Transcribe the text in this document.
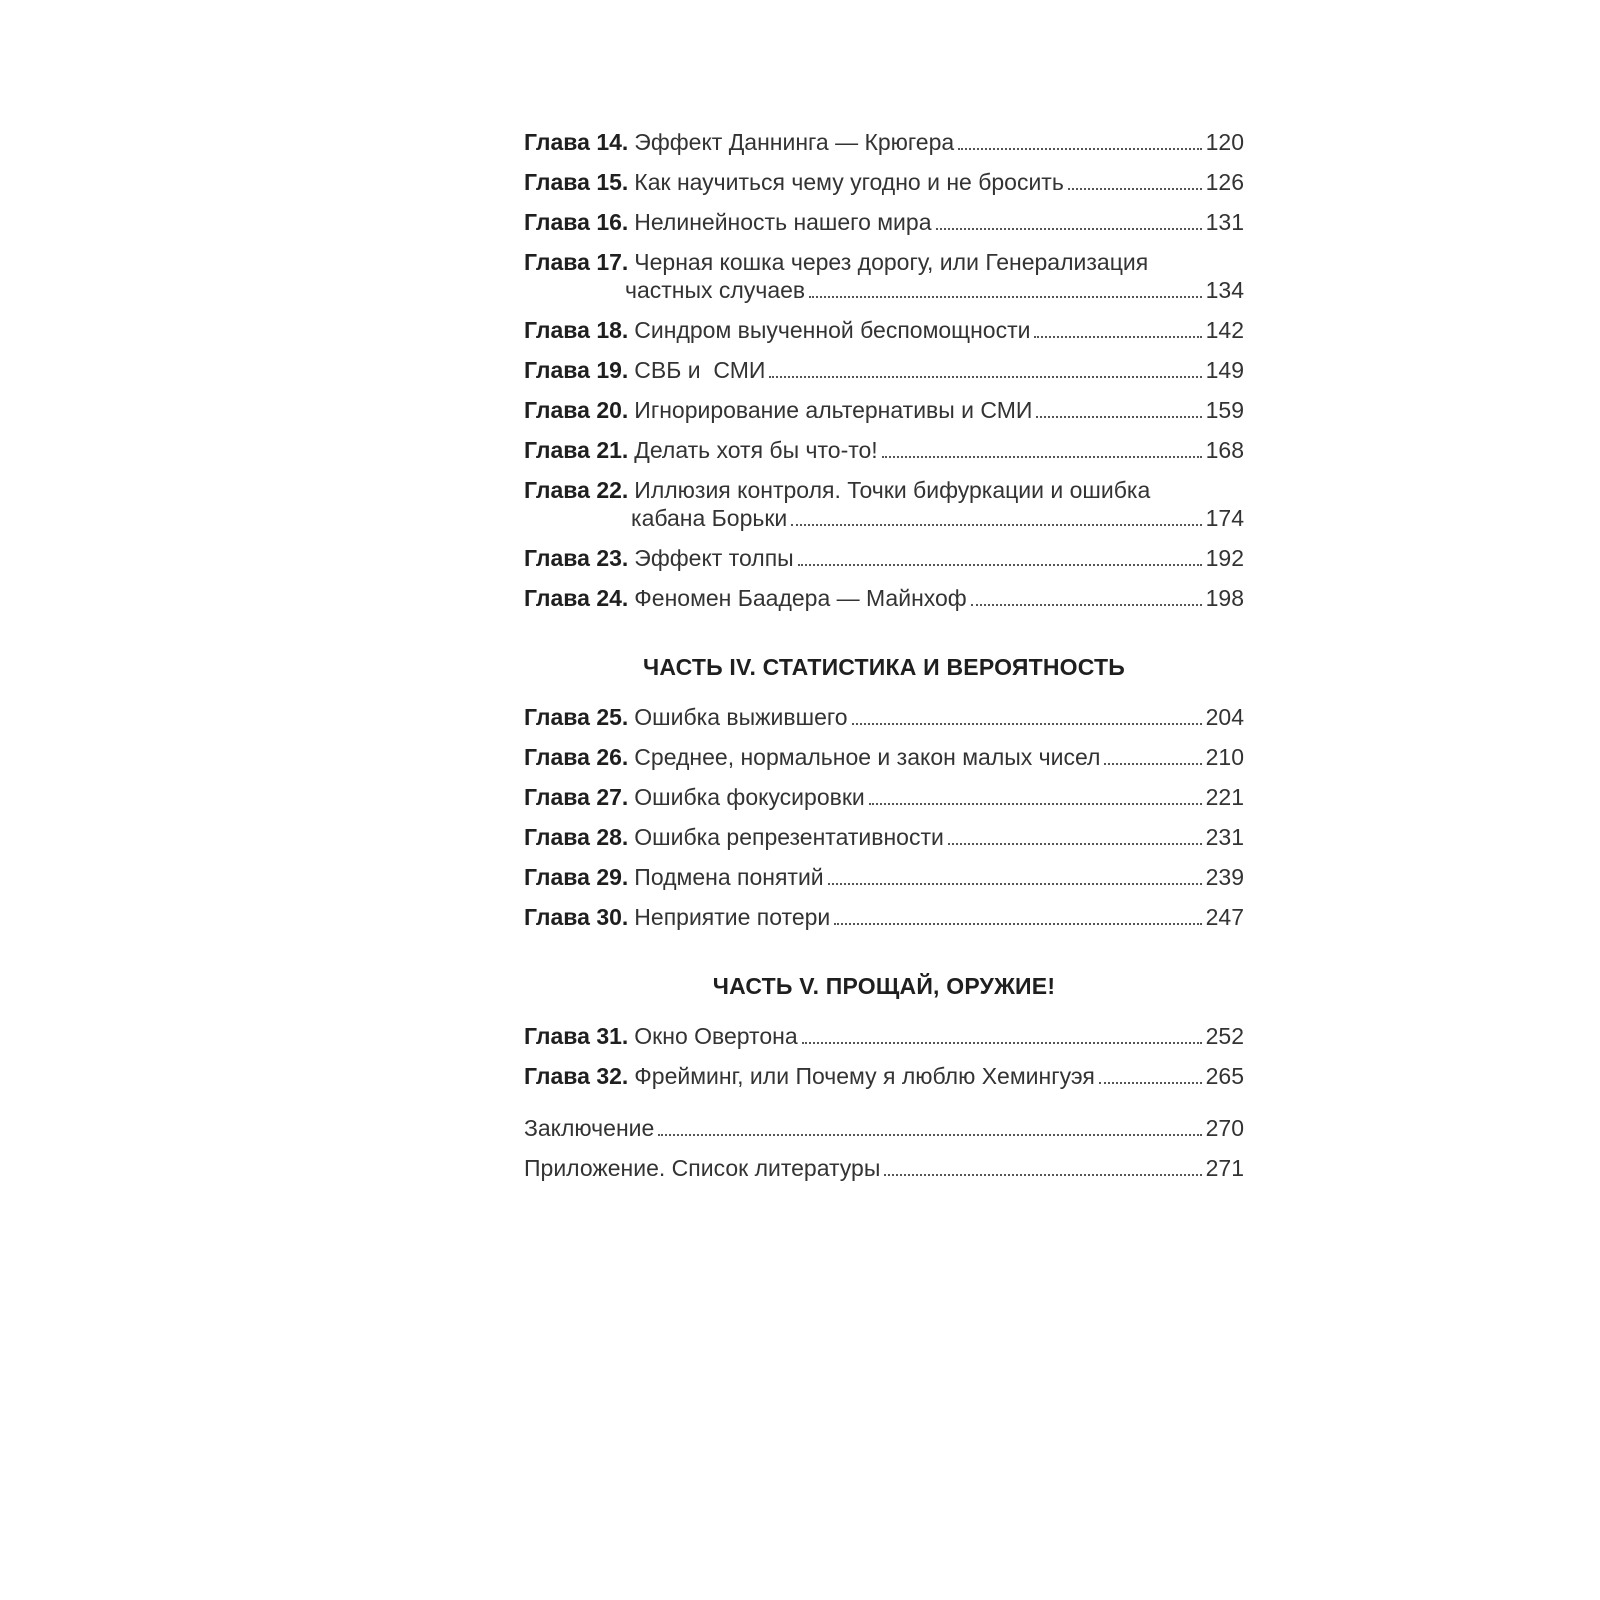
Глава 14. Эффект Даннинга — Крюгера	120
Глава 15. Как научиться чему угодно и не бросить	126
Глава 16. Нелинейность нашего мира	131
Глава 17. Черная кошка через дорогу, или Генерализация
частных случаев	134
Глава 18. Синдром выученной беспомощности	142
Глава 19. СВБ и  СМИ	149
Глава 20. Игнорирование альтернативы и СМИ	159
Глава 21. Делать хотя бы что-то!	168
Глава 22. Иллюзия контроля. Точки бифуркации и ошибка
кабана Борьки	174
Глава 23. Эффект толпы	192
Глава 24. Феномен Баадера — Майнхоф	198
ЧАСТЬ IV. СТАТИСТИКА И ВЕРОЯТНОСТЬ
Глава 25. Ошибка выжившего	204
Глава 26. Среднее, нормальное и закон малых чисел	210
Глава 27. Ошибка фокусировки	221
Глава 28. Ошибка репрезентативности	231
Глава 29. Подмена понятий	239
Глава 30. Неприятие потери	247
ЧАСТЬ V. ПРОЩАЙ, ОРУЖИЕ!
Глава 31. Окно Овертона	252
Глава 32. Фрейминг, или Почему я люблю Хемингуэя	265
Заключение	270
Приложение. Список литературы	271
